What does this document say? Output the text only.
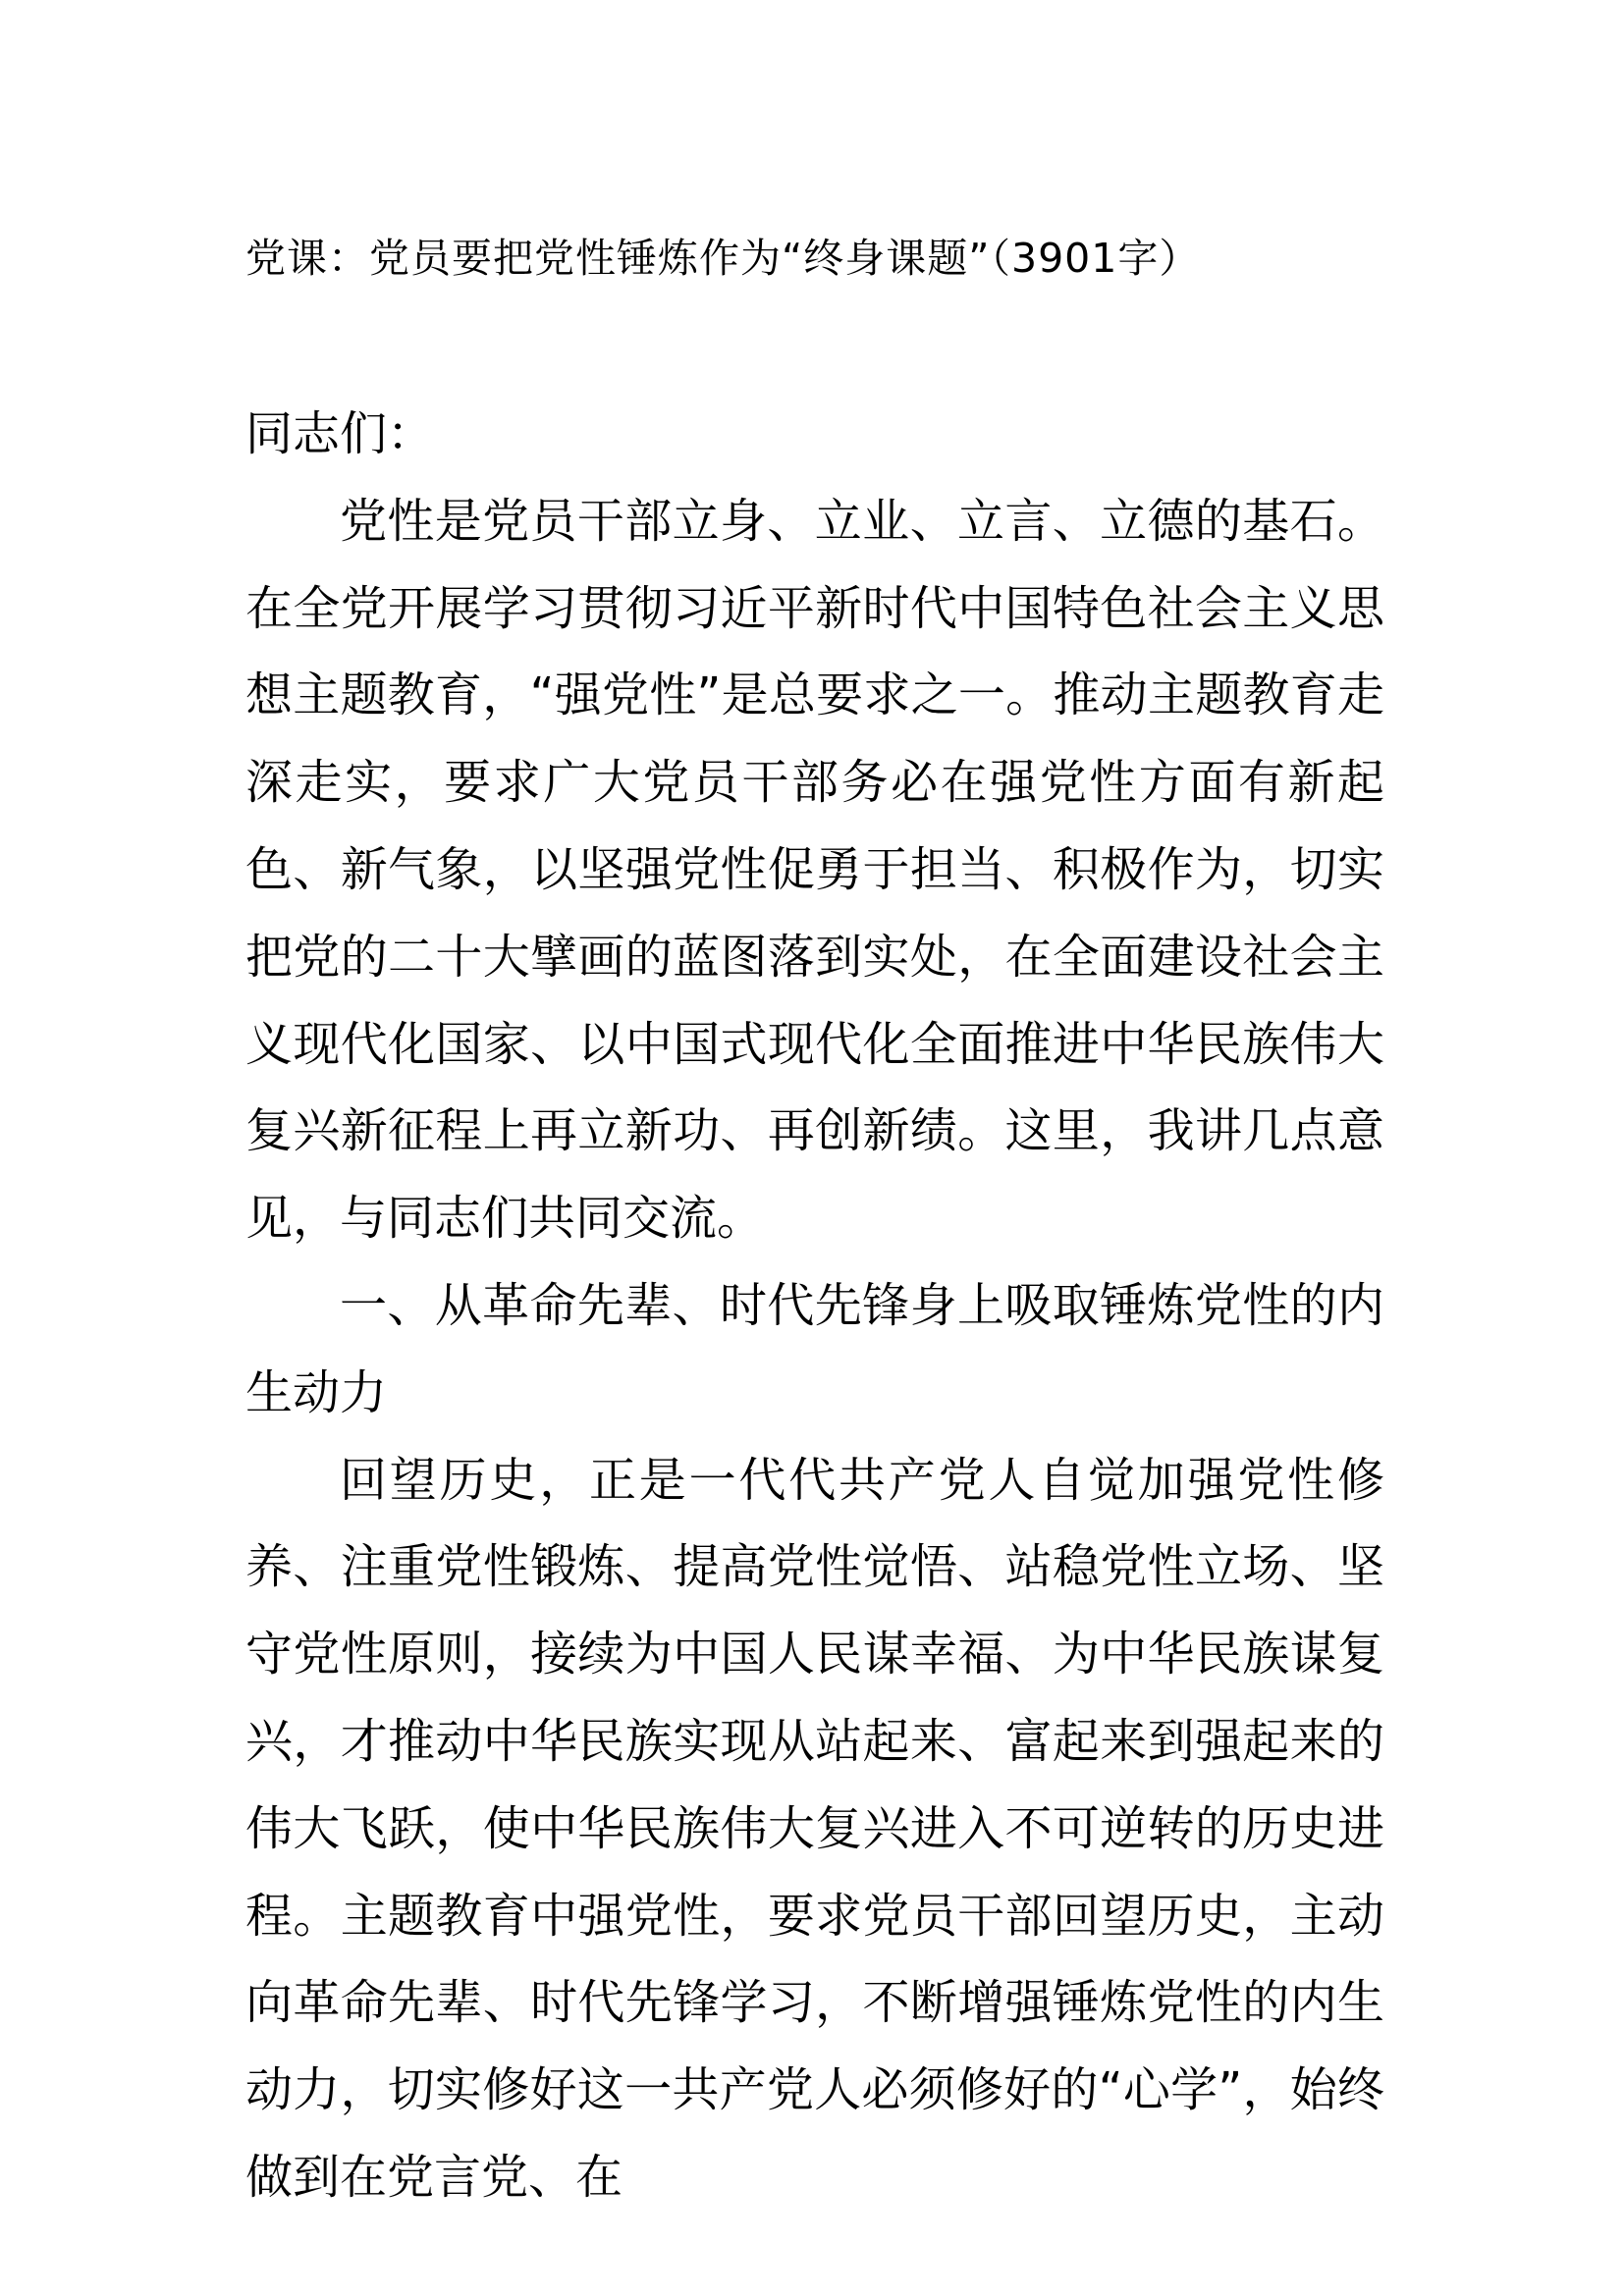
党课：党员要把党性锤炼作为“终身课题”（3901字）

同志们：

党性是党员干部立身、立业、立言、立德的基石。在全党开展学习贯彻习近平新时代中国特色社会主义思想主题教育，“强党性”是总要求之一。推动主题教育走深走实，要求广大党员干部务必在强党性方面有新起色、新气象，以坚强党性促勇于担当、积极作为，切实把党的二十大擘画的蓝图落到实处，在全面建设社会主义现代化国家、以中国式现代化全面推进中华民族伟大复兴新征程上再立新功、再创新绩。这里，我讲几点意见，与同志们共同交流。

一、从革命先辈、时代先锋身上吸取锤炼党性的内生动力

回望历史，正是一代代共产党人自觉加强党性修养、注重党性锻炼、提高党性觉悟、站稳党性立场、坚守党性原则，接续为中国人民谋幸福、为中华民族谋复兴，才推动中华民族实现从站起来、富起来到强起来的伟大飞跃，使中华民族伟大复兴进入不可逆转的历史进程。主题教育中强党性，要求党员干部回望历史，主动向革命先辈、时代先锋学习，不断增强锤炼党性的内生动力，切实修好这一共产党人必须修好的“心学”，始终做到在党言党、在
